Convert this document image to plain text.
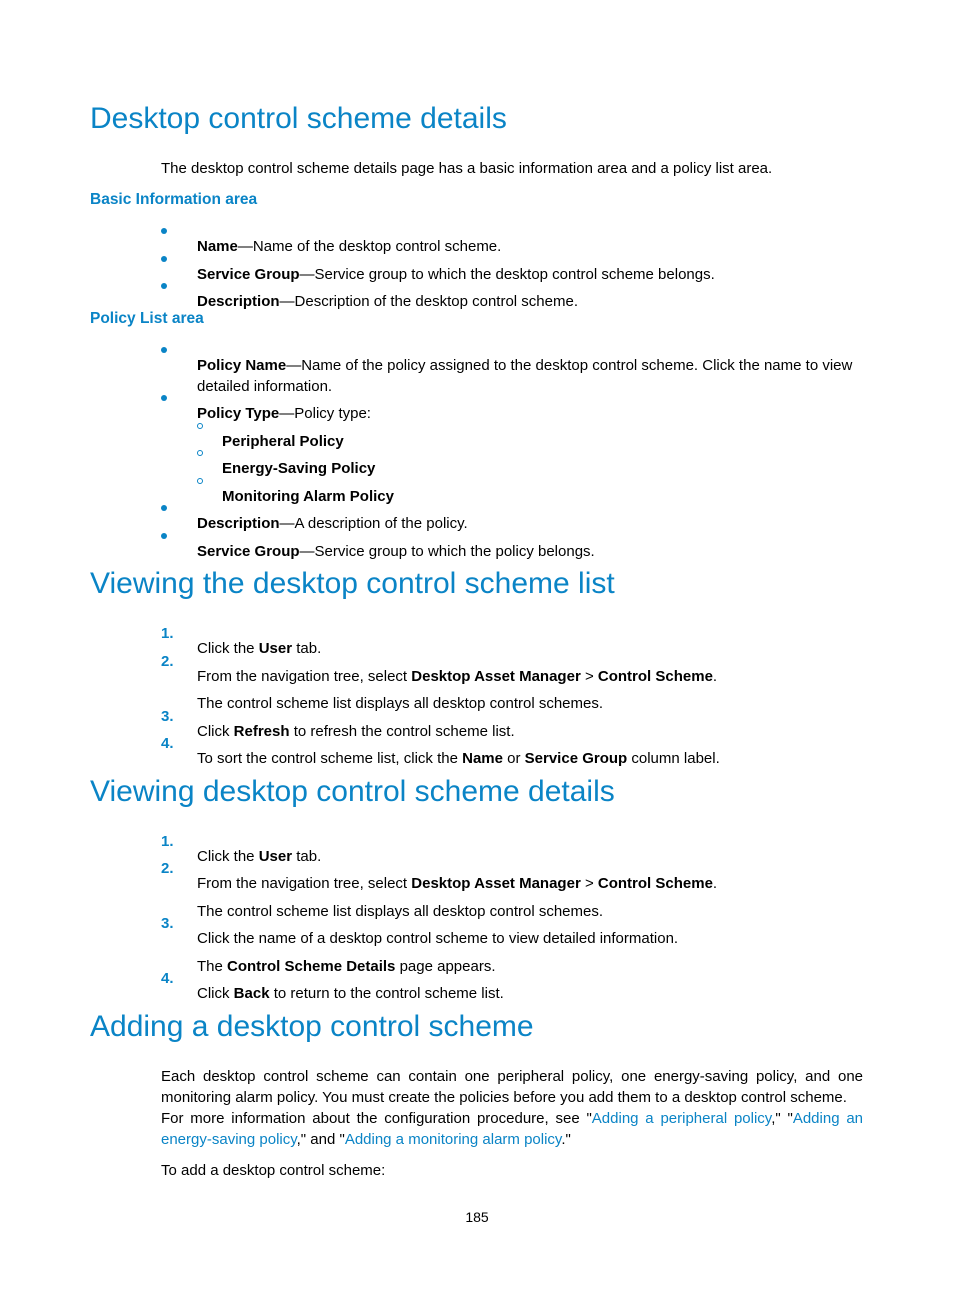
Desktop control scheme details

The desktop control scheme details page has a basic information area and a policy list area.

Basic Information area

Name—Name of the desktop control scheme.

Service Group—Service group to which the desktop control scheme belongs.

Description—Description of the desktop control scheme.

Policy List area

Policy Name—Name of the policy assigned to the desktop control scheme. Click the name to view

detailed information.

Policy Type—Policy type:

Peripheral Policy

Energy-Saving Policy

Monitoring Alarm Policy

Description—A description of the policy.

Service Group—Service group to which the policy belongs.

Viewing the desktop control scheme list
1.

Click the User tab.

2.

From the navigation tree, select Desktop Asset Manager > Control Scheme.

The control scheme list displays all desktop control schemes.

3.

Click Refresh to refresh the control scheme list.

4.

To sort the control scheme list, click the Name or Service Group column label.

Viewing desktop control scheme details
1.

Click the User tab.

2.

From the navigation tree, select Desktop Asset Manager > Control Scheme.

The control scheme list displays all desktop control schemes.

3.

Click the name of a desktop control scheme to view detailed information.

The Control Scheme Details page appears.

4.

Click Back to return to the control scheme list.

Adding a desktop control scheme

Each desktop control scheme can contain one peripheral policy, one energy-saving policy, and one

monitoring alarm policy. You must create the policies before you add them to a desktop control scheme.

For more information about the configuration procedure, see "Adding a peripheral policy," "Adding an

energy-saving policy," and "Adding a monitoring alarm policy."

To add a desktop control scheme:

185
